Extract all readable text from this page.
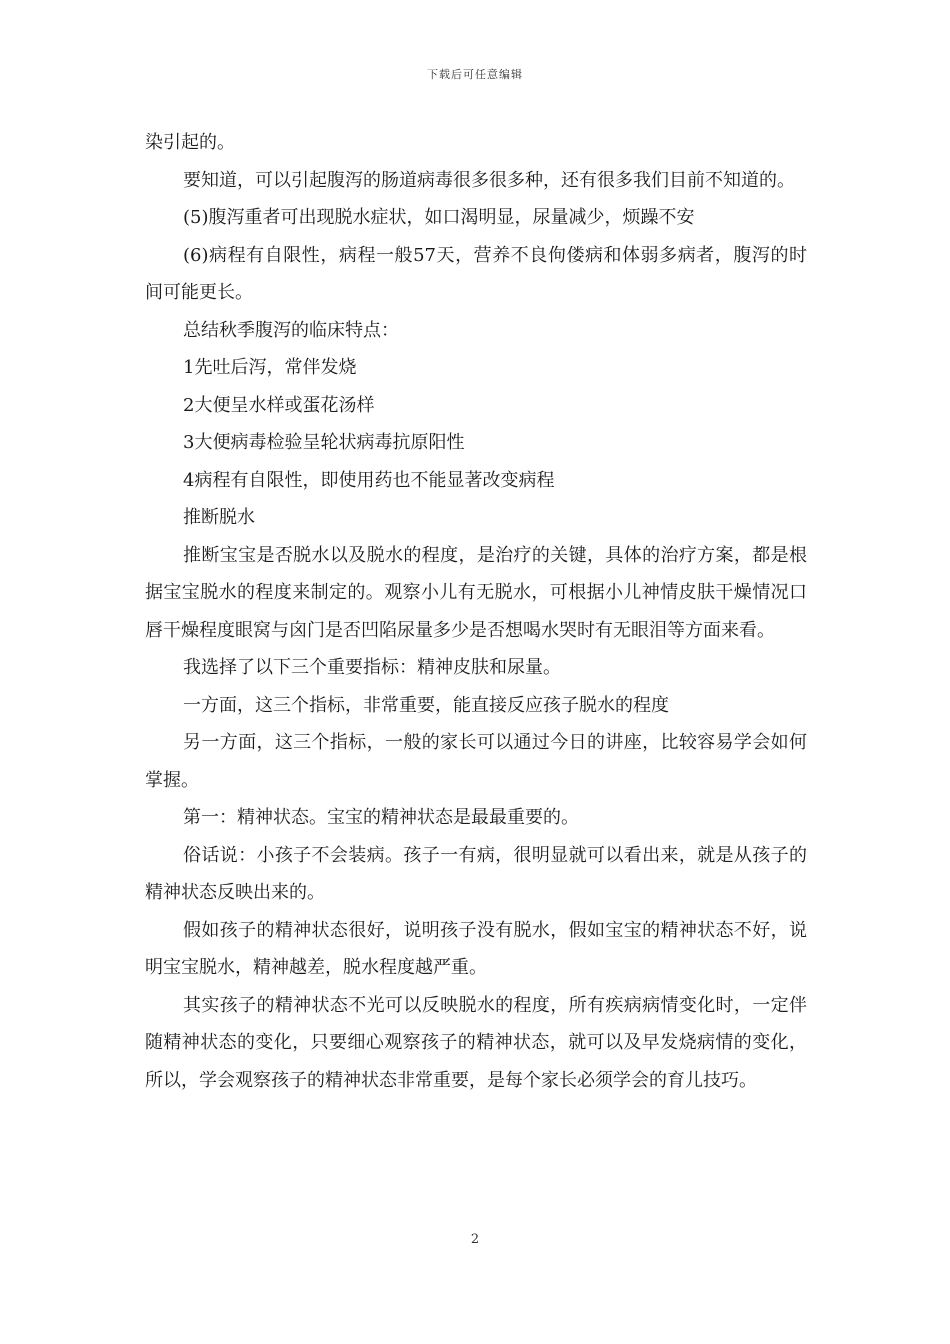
下载后可任意编辑

染引起的。

要知道，可以引起腹泻的肠道病毒很多很多种，还有很多我们目前不知道的。

(5)腹泻重者可出现脱水症状，如口渴明显，尿量减少，烦躁不安

(6)病程有自限性，病程一般57天，营养不良佝偻病和体弱多病者，腹泻的时间可能更长。

总结秋季腹泻的临床特点：

1先吐后泻，常伴发烧

2大便呈水样或蛋花汤样

3大便病毒检验呈轮状病毒抗原阳性

4病程有自限性，即使用药也不能显著改变病程

推断脱水

推断宝宝是否脱水以及脱水的程度，是治疗的关键，具体的治疗方案，都是根据宝宝脱水的程度来制定的。观察小儿有无脱水，可根据小儿神情皮肤干燥情况口唇干燥程度眼窝与囟门是否凹陷尿量多少是否想喝水哭时有无眼泪等方面来看。

我选择了以下三个重要指标：精神皮肤和尿量。

一方面，这三个指标，非常重要，能直接反应孩子脱水的程度

另一方面，这三个指标，一般的家长可以通过今日的讲座，比较容易学会如何掌握。

第一：精神状态。宝宝的精神状态是最最重要的。

俗话说：小孩子不会装病。孩子一有病，很明显就可以看出来，就是从孩子的精神状态反映出来的。

假如孩子的精神状态很好，说明孩子没有脱水，假如宝宝的精神状态不好，说明宝宝脱水，精神越差，脱水程度越严重。

其实孩子的精神状态不光可以反映脱水的程度，所有疾病病情变化时，一定伴随精神状态的变化，只要细心观察孩子的精神状态，就可以及早发烧病情的变化，所以，学会观察孩子的精神状态非常重要，是每个家长必须学会的育儿技巧。

2
